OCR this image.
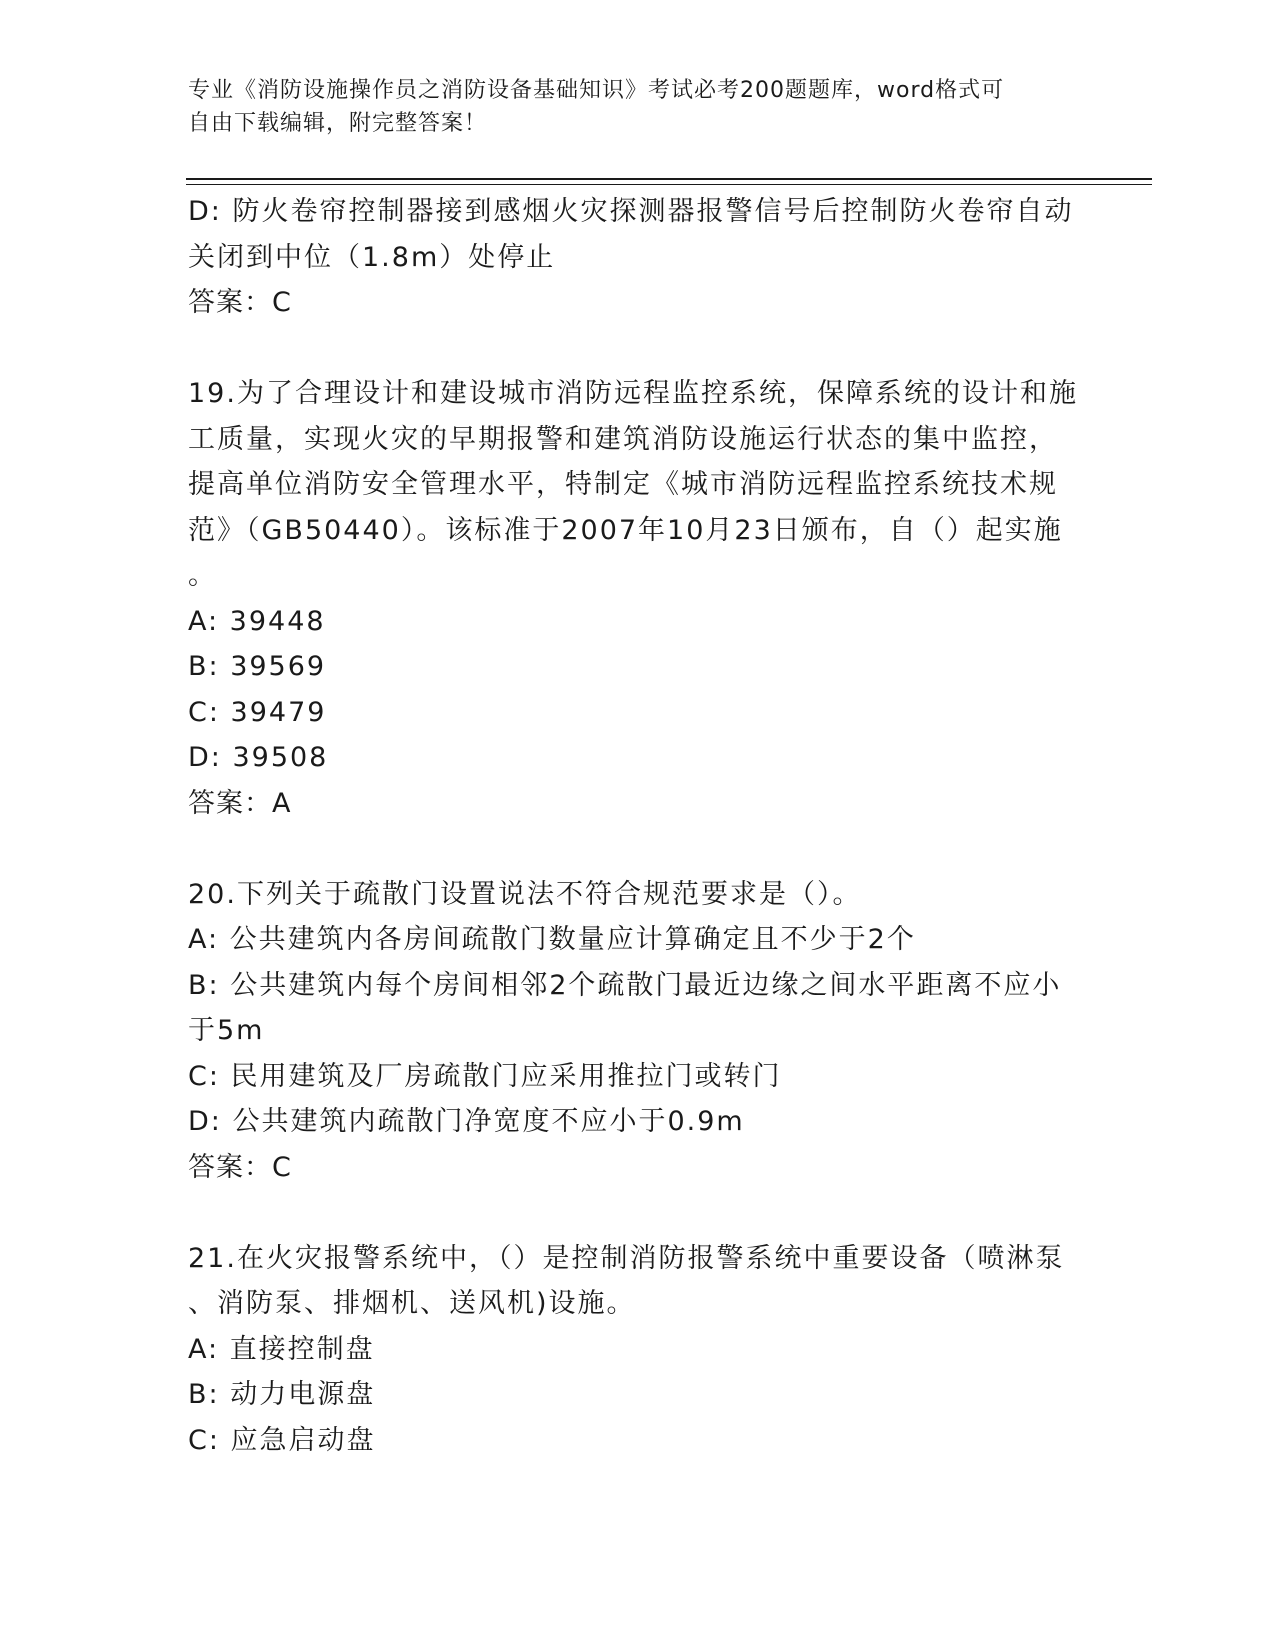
专业《消防设施操作员之消防设备基础知识》考试必考200题题库，word格式可
自由下载编辑，附完整答案！
D: 防火卷帘控制器接到感烟火灾探测器报警信号后控制防火卷帘自动
关闭到中位（1.8m）处停止
答案：C
19.为了合理设计和建设城市消防远程监控系统，保障系统的设计和施
工质量，实现火灾的早期报警和建筑消防设施运行状态的集中监控，
提高单位消防安全管理水平，特制定《城市消防远程监控系统技术规
范》（GB50440）。该标准于2007年10月23日颁布，自（）起实施
。
A: 39448
B: 39569
C: 39479
D: 39508
答案：A
20.下列关于疏散门设置说法不符合规范要求是（）。
A: 公共建筑内各房间疏散门数量应计算确定且不少于2个
B: 公共建筑内每个房间相邻2个疏散门最近边缘之间水平距离不应小
于5m
C: 民用建筑及厂房疏散门应采用推拉门或转门
D: 公共建筑内疏散门净宽度不应小于0.9m
答案：C
21.在火灾报警系统中，（）是控制消防报警系统中重要设备（喷淋泵
、消防泵、排烟机、送风机)设施。
A: 直接控制盘
B: 动力电源盘
C: 应急启动盘
